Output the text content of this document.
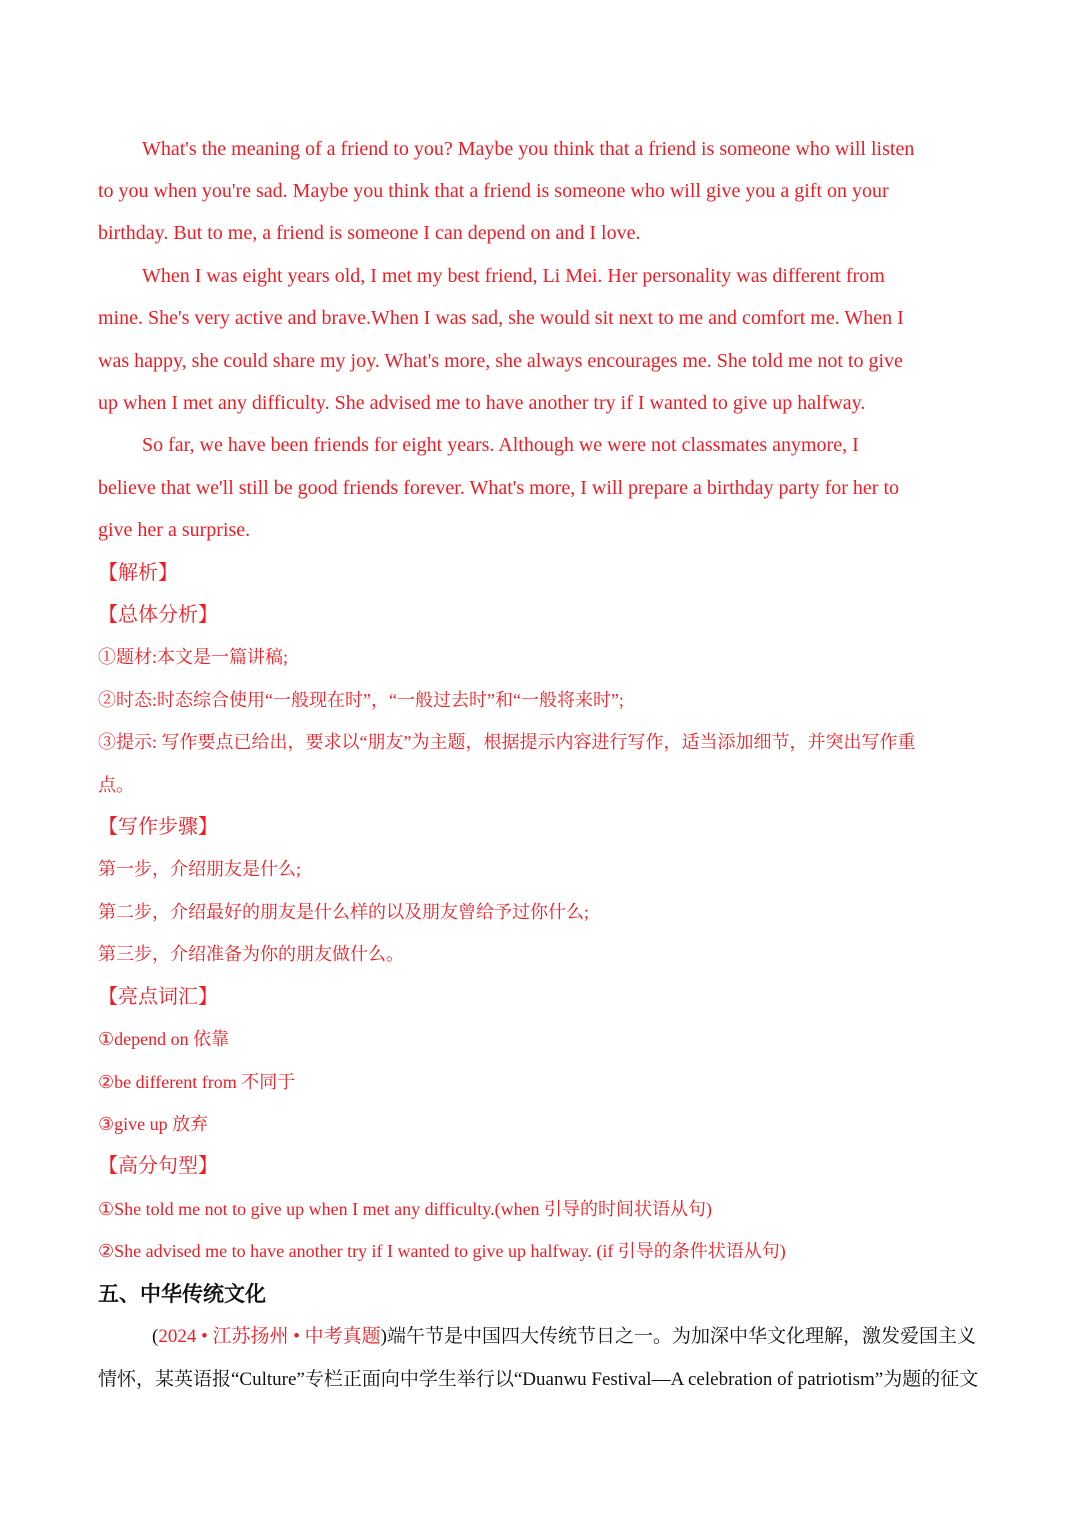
What's the meaning of a friend to you? Maybe you think that a friend is someone who will listen
to you when you're sad. Maybe you think that a friend is someone who will give you a gift on your
birthday. But to me, a friend is someone I can depend on and I love.
When I was eight years old, I met my best friend, Li Mei. Her personality was different from
mine. She's very active and brave.When I was sad, she would sit next to me and comfort me. When I
was happy, she could share my joy. What's more, she always encourages me. She told me not to give
up when I met any difficulty. She advised me to have another try if I wanted to give up halfway.
So far, we have been friends for eight years. Although we were not classmates anymore, I
believe that we'll still be good friends forever. What's more, I will prepare a birthday party for her to
give her a surprise.
【解析】
【总体分析】
①题材:本文是一篇讲稿;
②时态:时态综合使用“一般现在时”，“一般过去时”和“一般将来时”;
③提示: 写作要点已给出，要求以“朋友”为主题，根据提示内容进行写作，适当添加细节，并突出写作重
点。
【写作步骤】
第一步，介绍朋友是什么;
第二步，介绍最好的朋友是什么样的以及朋友曾给予过你什么;
第三步，介绍准备为你的朋友做什么。
【亮点词汇】
①depend on 依靠
②be different from 不同于
③give up 放弃
【高分句型】
①She told me not to give up when I met any difficulty.(when 引导的时间状语从句)
②She advised me to have another try if I wanted to give up halfway. (if 引导的条件状语从句)
五、中华传统文化
(2024 • 江苏扬州 • 中考真题)端午节是中国四大传统节日之一。为加深中华文化理解，激发爱国主义
情怀，某英语报“Culture”专栏正面向中学生举行以“Duanwu Festival—A celebration of patriotism”为题的征文
